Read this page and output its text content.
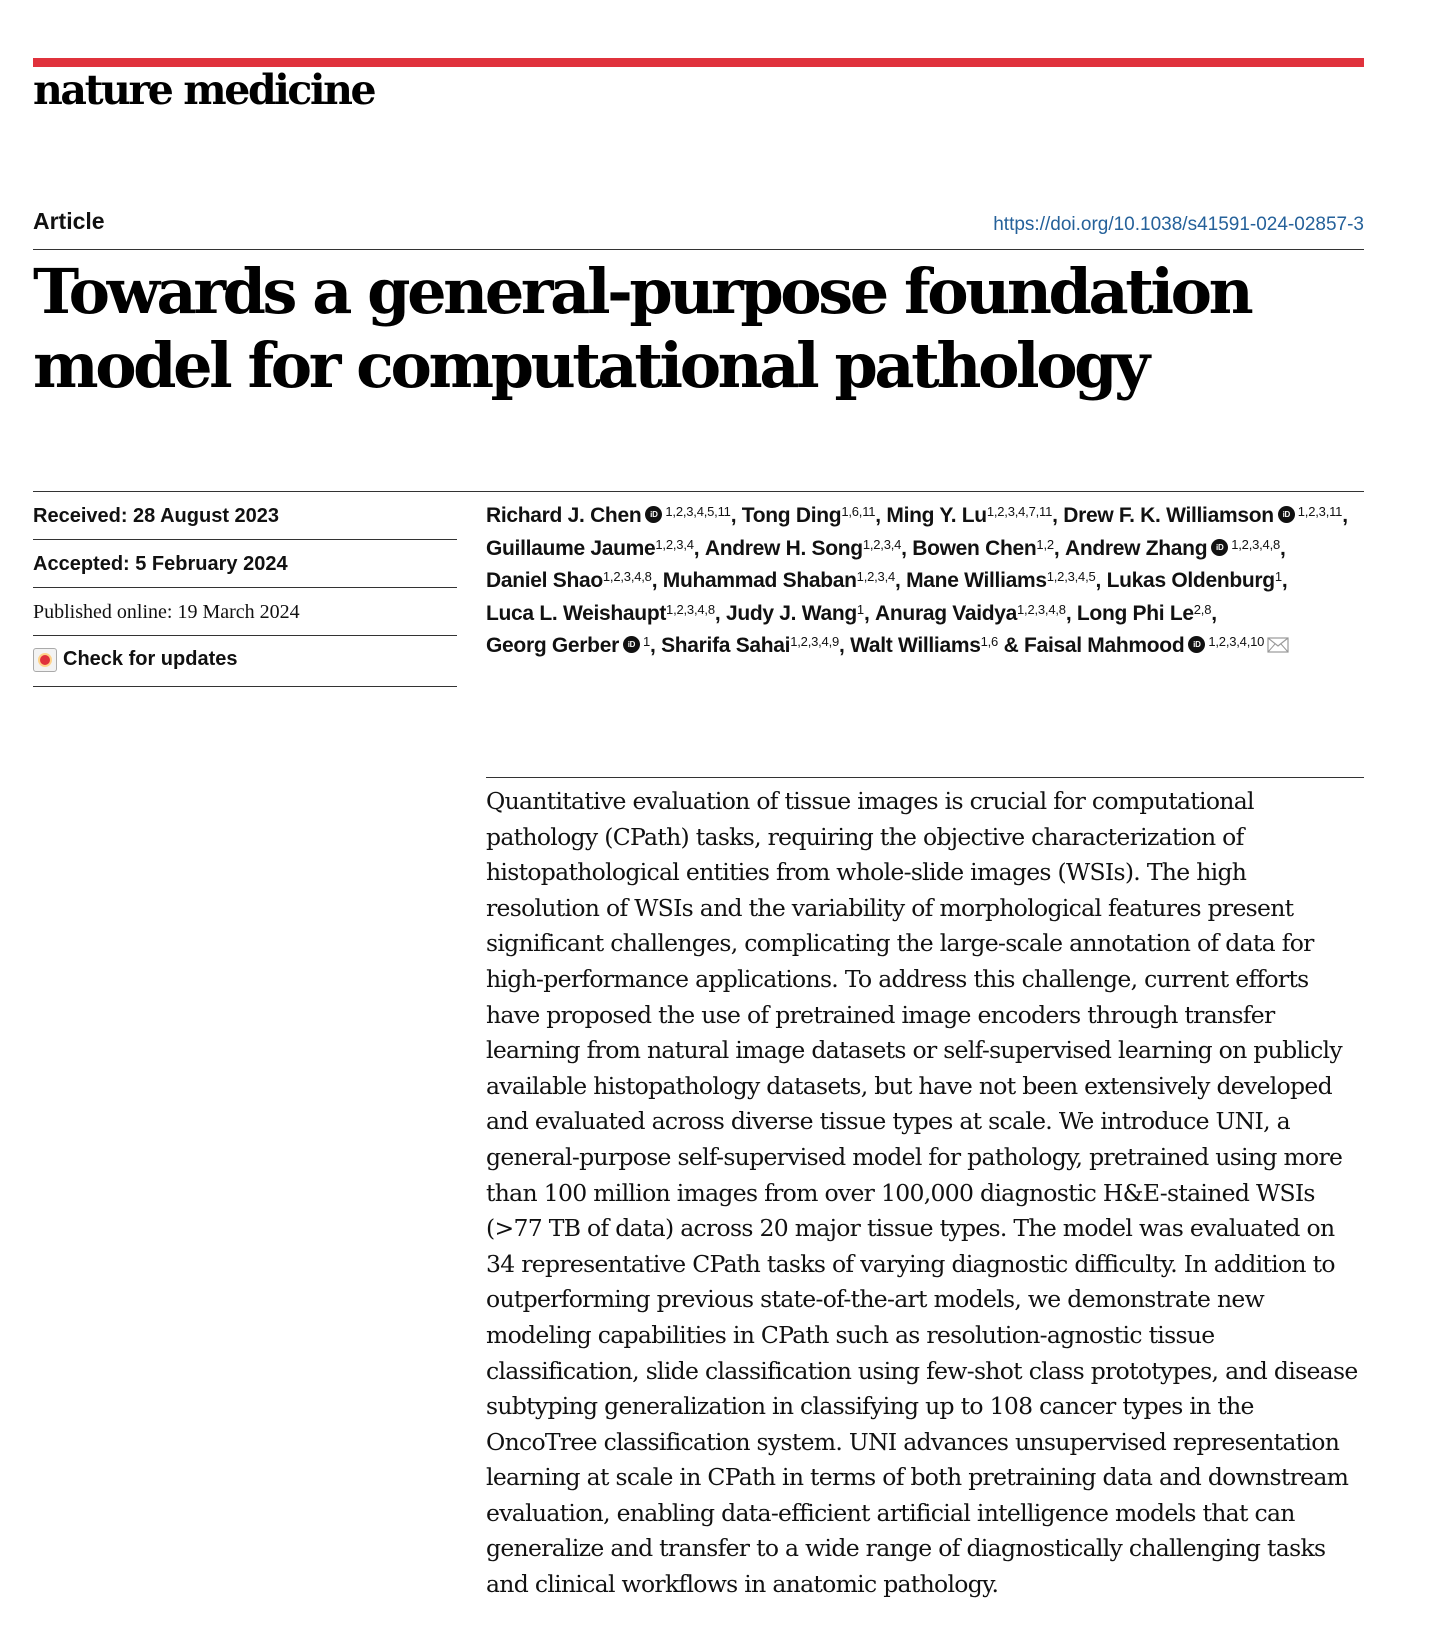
nature medicine
Article	https://doi.org/10.1038/s41591-024-02857-3
Towards a general-purpose foundation model for computational pathology
Received: 28 August 2023
Accepted: 5 February 2024
Published online: 19 March 2024
Check for updates
Richard J. Chen iD $^{1,2,3,4,5,11}$, Tong Ding$^{1,6,11}$, Ming Y. Lu$^{1,2,3,4,7,11}$, Drew F. K. Williamson iD $^{1,2,3,11}$, Guillaume Jaume$^{1,2,3,4}$, Andrew H. Song$^{1,2,3,4}$, Bowen Chen$^{1,2}$, Andrew Zhang iD $^{1,2,3,4,8}$, Daniel Shao$^{1,2,3,4,8}$, Muhammad Shaban$^{1,2,3,4}$, Mane Williams$^{1,2,3,4,5}$, Lukas Oldenburg$^1$, Luca L. Weishaupt$^{1,2,3,4,8}$, Judy J. Wang$^1$, Anurag Vaidya$^{1,2,3,4,8}$, Long Phi Le$^{2,8}$, Georg Gerber iD $^1$, Sharifa Sahai$^{1,2,3,4,9}$, Walt Williams$^{1,6}$ & Faisal Mahmood iD $^{1,2,3,4,10}$

Quantitative evaluation of tissue images is crucial for computational pathology (CPath) tasks, requiring the objective characterization of histopathological entities from whole-slide images (WSIs). The high resolution of WSIs and the variability of morphological features present significant challenges, complicating the large-scale annotation of data for high-performance applications. To address this challenge, current efforts have proposed the use of pretrained image encoders through transfer learning from natural image datasets or self-supervised learning on publicly available histopathology datasets, but have not been extensively developed and evaluated across diverse tissue types at scale. We introduce UNI, a general-purpose self-supervised model for pathology, pretrained using more than 100 million images from over 100,000 diagnostic H&E-stained WSIs (>77 TB of data) across 20 major tissue types. The model was evaluated on 34 representative CPath tasks of varying diagnostic difficulty. In addition to outperforming previous state-of-the-art models, we demonstrate new modeling capabilities in CPath such as resolution-agnostic tissue classification, slide classification using few-shot class prototypes, and disease subtyping generalization in classifying up to 108 cancer types in the OncoTree classification system. UNI advances unsupervised representation learning at scale in CPath in terms of both pretraining data and downstream evaluation, enabling data-efficient artificial intelligence models that can generalize and transfer to a wide range of diagnostically challenging tasks and clinical workflows in anatomic pathology.
